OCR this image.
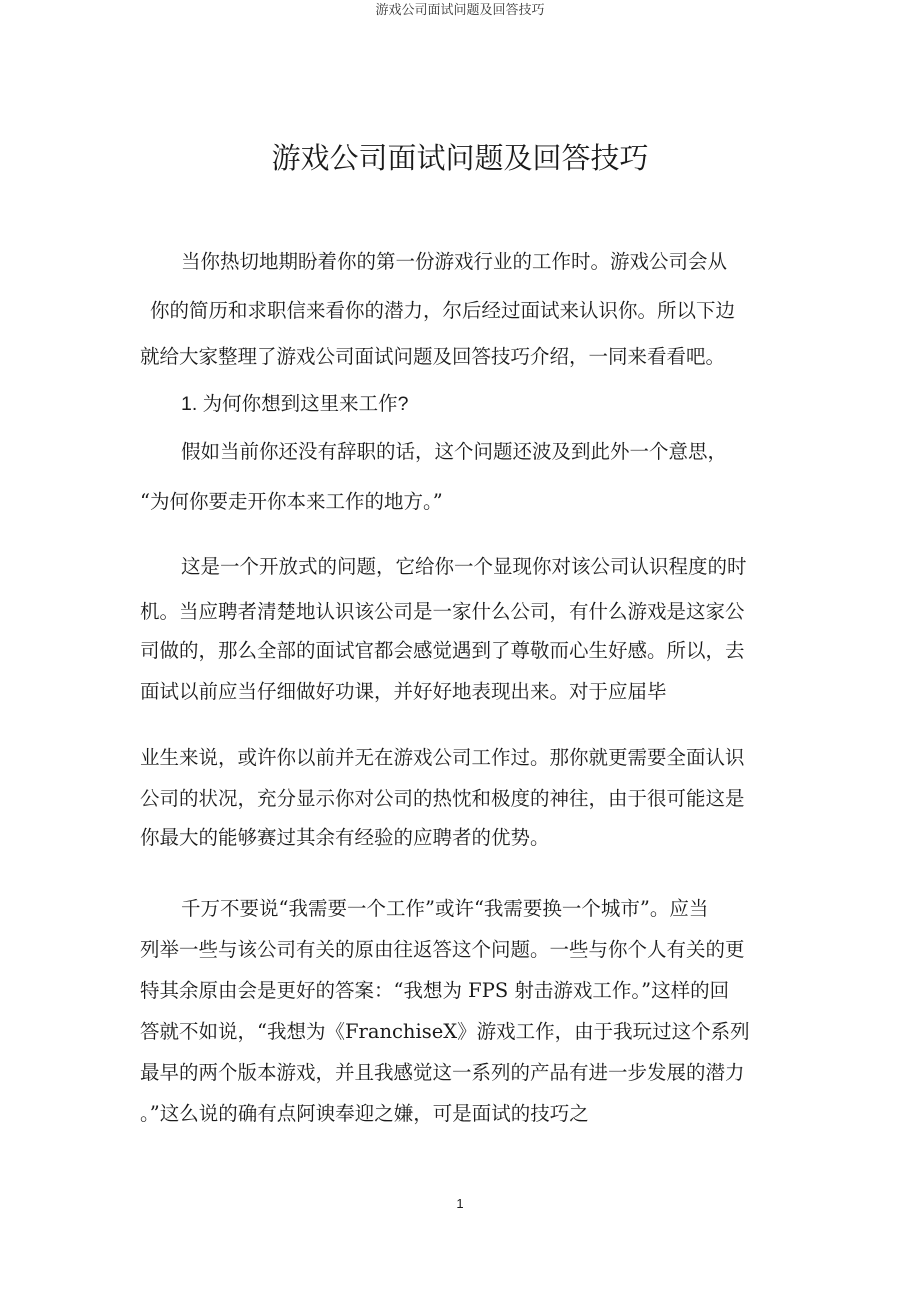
游戏公司面试问题及回答技巧
游戏公司面试问题及回答技巧
当你热切地期盼着你的第一份游戏行业的工作时。游戏公司会从
你的简历和求职信来看你的潜力，尔后经过面试来认识你。所以下边
就给大家整理了游戏公司面试问题及回答技巧介绍，一同来看看吧。
1. 为何你想到这里来工作?
假如当前你还没有辞职的话，这个问题还波及到此外一个意思，
“为何你要走开你本来工作的地方。”
这是一个开放式的问题，它给你一个显现你对该公司认识程度的时
机。当应聘者清楚地认识该公司是一家什么公司，有什么游戏是这家公
司做的，那么全部的面试官都会感觉遇到了尊敬而心生好感。所以，去
面试以前应当仔细做好功课，并好好地表现出来。对于应届毕
业生来说，或许你以前并无在游戏公司工作过。那你就更需要全面认识
公司的状况，充分显示你对公司的热忱和极度的神往，由于很可能这是
你最大的能够赛过其余有经验的应聘者的优势。
千万不要说“我需要一个工作”或许“我需要换一个城市”。应当
列举一些与该公司有关的原由往返答这个问题。一些与你个人有关的更
特其余原由会是更好的答案：“我想为 FPS 射击游戏工作。”这样的回
答就不如说，“我想为《FranchiseX》游戏工作，由于我玩过这个系列
最早的两个版本游戏，并且我感觉这一系列的产品有进一步发展的潜力
。”这么说的确有点阿谀奉迎之嫌，可是面试的技巧之
1
